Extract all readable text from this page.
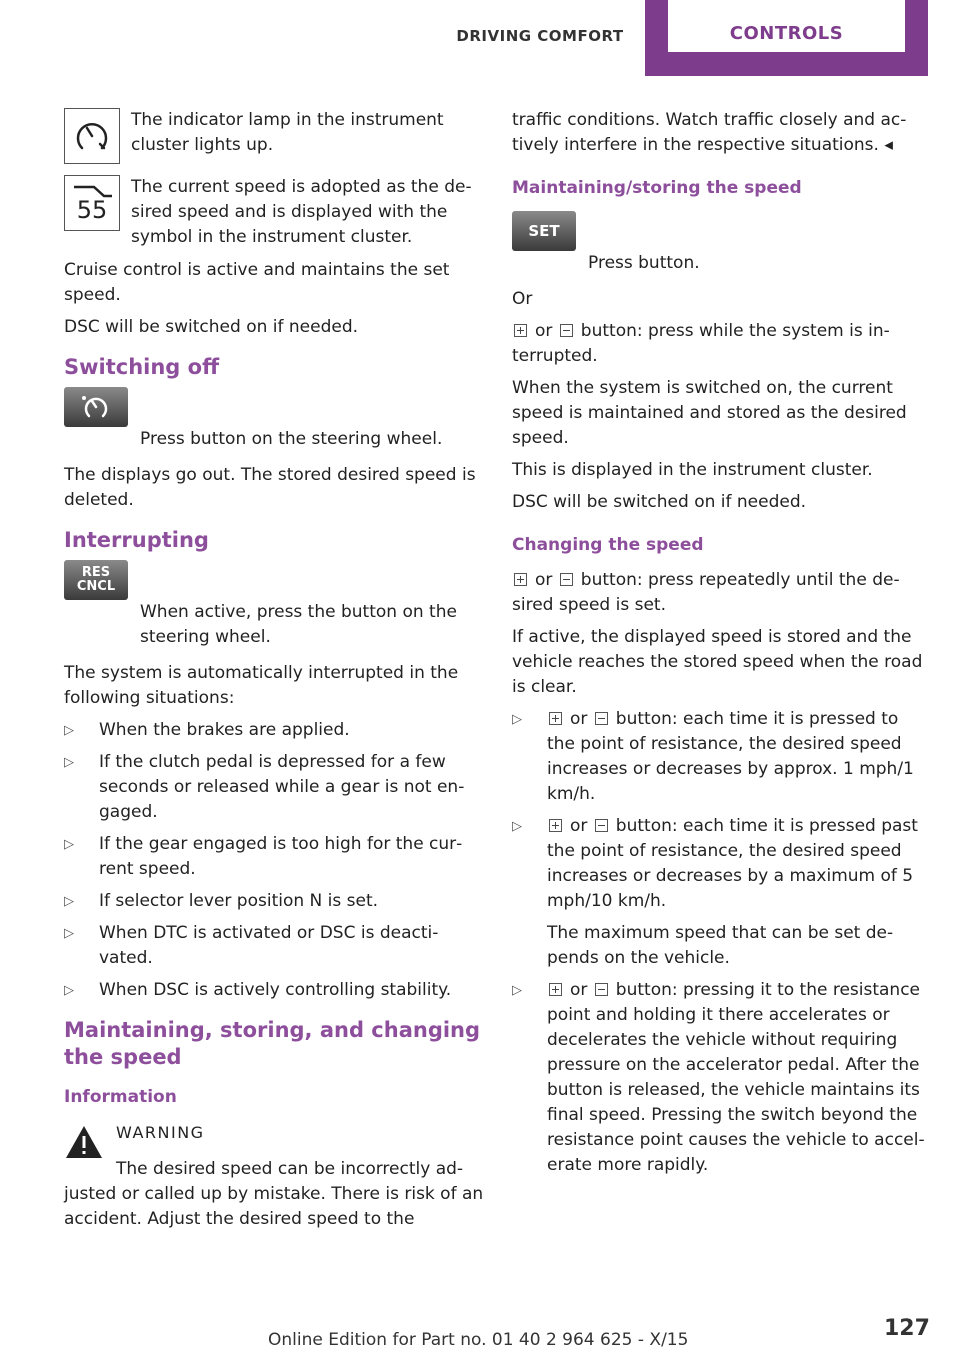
DRIVING COMFORT	CONTROLS

The indicator lamp in the instrument cluster lights up.

55

The current speed is adopted as the desired speed and is displayed with the symbol in the instrument cluster.

Cruise control is active and maintains the set speed.

DSC will be switched on if needed.

Switching off

Press button on the steering wheel.

The displays go out. The stored desired speed is deleted.

Interrupting
RES
CNCL

When active, press the button on the steering wheel.

The system is automatically interrupted in the following situations:

▷ When the brakes are applied.
▷ If the clutch pedal is depressed for a few seconds or released while a gear is not engaged.
▷ If the gear engaged is too high for the current speed.
▷ If selector lever position N is set.
▷ When DTC is activated or DSC is deactivated.
▷ When DSC is actively controlling stability.
Maintaining, storing, and changing the speed
Information
WARNING

The desired speed can be incorrectly adjusted or called up by mistake. There is risk of an accident. Adjust the desired speed to the

traffic conditions. Watch traffic closely and actively interfere in the respective situations. ◂

Maintaining/storing the speed
SET

Press button.

Or

or button: press while the system is interrupted.

When the system is switched on, the current speed is maintained and stored as the desired speed.

This is displayed in the instrument cluster.

DSC will be switched on if needed.

Changing the speed

or button: press repeatedly until the desired speed is set.

If active, the displayed speed is stored and the vehicle reaches the stored speed when the road is clear.

▷ or button: each time it is pressed to the point of resistance, the desired speed increases or decreases by approx. 1 mph/1 km/h.
▷ or button: each time it is pressed past the point of resistance, the desired speed increases or decreases by a maximum of 5 mph/10 km/h.

The maximum speed that can be set depends on the vehicle.

▷ or button: pressing it to the resistance point and holding it there accelerates or decelerates the vehicle without requiring pressure on the accelerator pedal. After the button is released, the vehicle maintains its final speed. Pressing the switch beyond the resistance point causes the vehicle to accelerate more rapidly.
Online Edition for Part no. 01 40 2 964 625 - X/15	127
